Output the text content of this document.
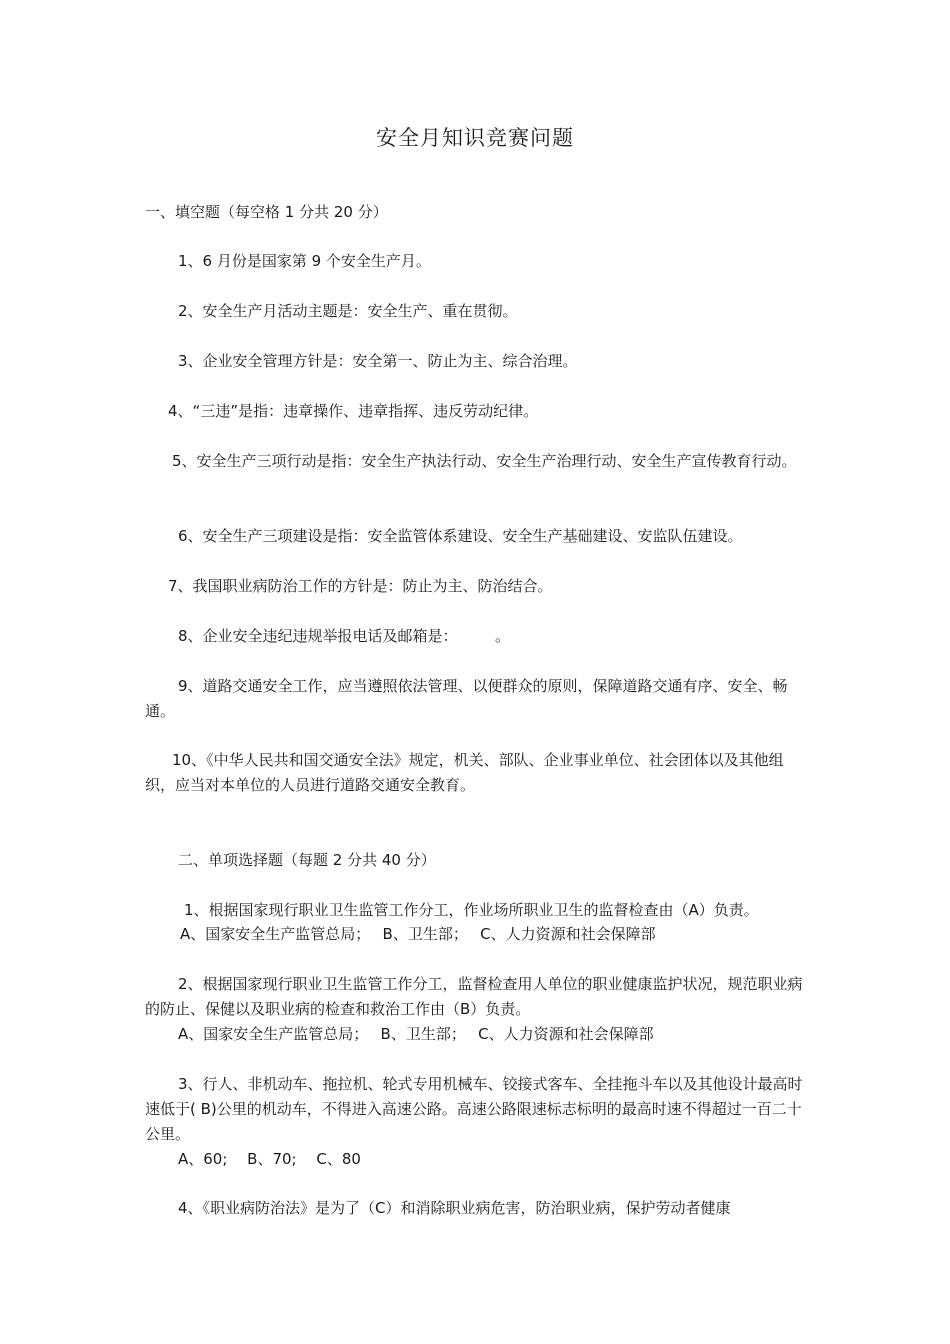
安全月知识竞赛问题
一、填空题（每空格 1 分共 20 分）
1、6 月份是国家第 9 个安全生产月。
2、安全生产月活动主题是：安全生产、重在贯彻。
3、企业安全管理方针是：安全第一、防止为主、综合治理。
4、“三违”是指：违章操作、违章指挥、违反劳动纪律。
5、安全生产三项行动是指：安全生产执法行动、安全生产治理行动、安全生产宣传教育行动。
6、安全生产三项建设是指：安全监管体系建设、安全生产基础建设、安监队伍建设。
7、我国职业病防治工作的方针是：防止为主、防治结合。
8、企业安全违纪违规举报电话及邮箱是：　　　。
9、道路交通安全工作，应当遵照依法管理、以便群众的原则，保障道路交通有序、安全、畅通。
10、《中华人民共和国交通安全法》规定，机关、部队、企业事业单位、社会团体以及其他组织，应当对本单位的人员进行道路交通安全教育。
二、单项选择题（每题 2 分共 40 分）
1、根据国家现行职业卫生监管工作分工，作业场所职业卫生的监督检查由（A）负责。
A、国家安全生产监管总局；　 B、卫生部；　 C、人力资源和社会保障部
2、根据国家现行职业卫生监管工作分工，监督检查用人单位的职业健康监护状况，规范职业病的防止、保健以及职业病的检查和救治工作由（B）负责。
A、国家安全生产监管总局；　 B、卫生部；　 C、人力资源和社会保障部
3、行人、非机动车、拖拉机、轮式专用机械车、铰接式客车、全挂拖斗车以及其他设计最高时速低于( B)公里的机动车，不得进入高速公路。高速公路限速标志标明的最高时速不得超过一百二十公里。
A、60;　 B、70;　 C、80
4、《职业病防治法》是为了（C）和消除职业病危害，防治职业病，保护劳动者健康
